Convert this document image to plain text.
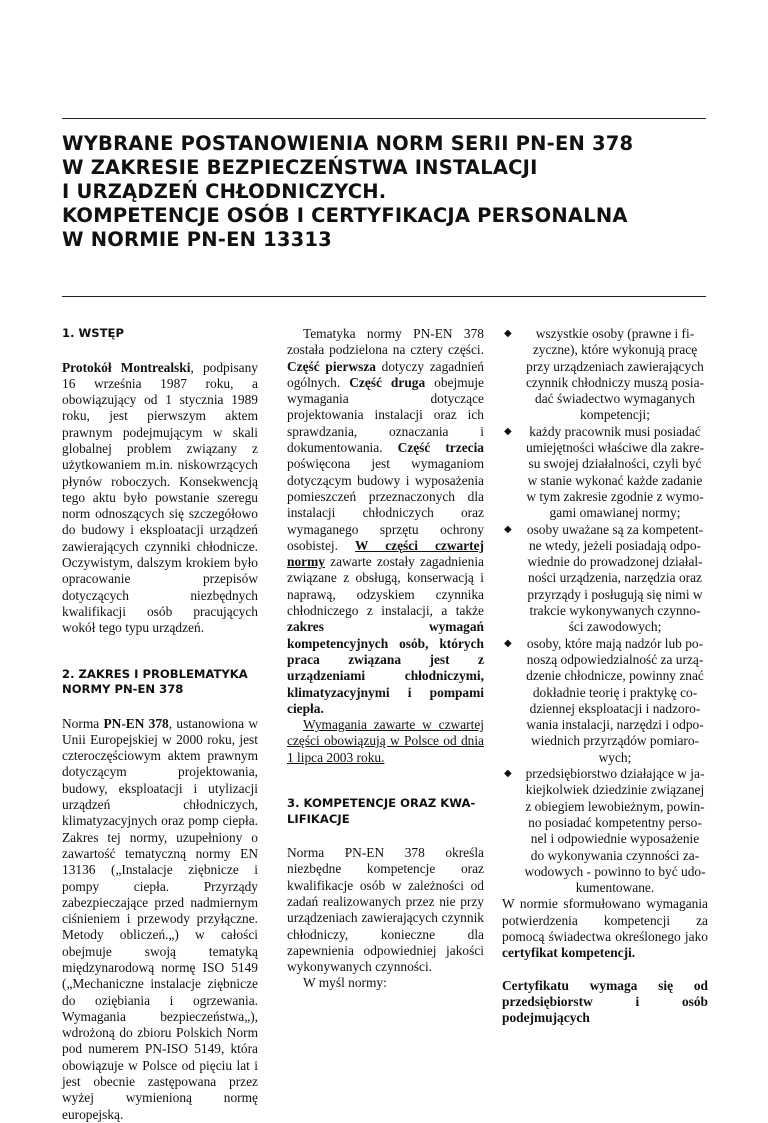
WYBRANE POSTANOWIENIA NORM SERII PN-EN 378
W ZAKRESIE BEZPIECZEŃSTWA INSTALACJI
I URZĄDZEŃ CHŁODNICZYCH.
KOMPETENCJE OSÓB I CERTYFIKACJA PERSONALNA
W NORMIE PN-EN 13313
1. WSTĘP

Protokół Montrealski, podpisany 16 września 1987 roku, a obowiązujący od 1 stycznia 1989 roku, jest pierwszym aktem prawnym podejmującym w skali globalnej problem związany z użytkowaniem m.in. niskowrzących płynów roboczych. Konsekwencją tego aktu było powstanie szeregu norm odnoszących się szczegółowo do budowy i eksploatacji urządzeń zawierających czynniki chłodnicze. Oczywistym, dalszym krokiem było opracowanie przepisów dotyczących niezbędnych kwalifikacji osób pracujących wokół tego typu urządzeń.

2. ZAKRES I PROBLEMATYKA
NORMY PN-EN 378

Norma PN-EN 378, ustanowiona w Unii Europejskiej w 2000 roku, jest czteroczęściowym aktem prawnym dotyczącym projektowania, budowy, eksploatacji i utylizacji urządzeń chłodniczych, klimatyzacyjnych oraz pomp ciepła. Zakres tej normy, uzupełniony o zawartość tematyczną normy EN 13136 („Instalacje ziębnicze i pompy ciepła. Przyrządy zabezpieczające przed nadmiernym ciśnieniem i przewody przyłączne. Metody obliczeń.„) w całości obejmuje swoją tematyką międzynarodową normę ISO 5149 („Mechaniczne instalacje ziębnicze do oziębiania i ogrzewania. Wymagania bezpieczeństwa„), wdrożoną do zbioru Polskich Norm pod numerem PN-ISO 5149, która obowiązuje w Polsce od pięciu lat i jest obecnie zastępowana przez wyżej wymienioną normę europejską.

Tematyka normy PN-EN 378 została podzielona na cztery części. Część pierwsza dotyczy zagadnień ogólnych. Część druga obejmuje wymagania dotyczące projektowania instalacji oraz ich sprawdzania, oznaczania i dokumentowania. Część trzecia poświęcona jest wymaganiom dotyczącym budowy i wyposażenia pomieszczeń przeznaczonych dla instalacji chłodniczych oraz wymaganego sprzętu ochrony osobistej. W części czwartej normy zawarte zostały zagadnienia związane z obsługą, konserwacją i naprawą, odzyskiem czynnika chłodniczego z instalacji, a także zakres wymagań kompetencyjnych osób, których praca związana jest z urządzeniami chłodniczymi, klimatyzacyjnymi i pompami ciepła.

Wymagania zawarte w czwartej części obowiązują w Polsce od dnia 1 lipca 2003 roku.

3. KOMPETENCJE ORAZ KWA-
LIFIKACJE

Norma PN-EN 378 określa niezbędne kompetencje oraz kwalifikacje osób w zależności od zadań realizowanych przez nie przy urządzeniach zawierających czynnik chłodniczy, konieczne dla zapewnienia odpowiedniej jakości wykonywanych czynności.

W myśl normy:

◆ wszystkie osoby (prawne i fi-
zyczne), które wykonują pracę
przy urządzeniach zawierających
czynnik chłodniczy muszą posia-
dać świadectwo wymaganych
kompetencji;
◆ każdy pracownik musi posiadać
umiejętności właściwe dla zakre-
su swojej działalności, czyli być
w stanie wykonać każde zadanie
w tym zakresie zgodnie z wymo-
gami omawianej normy;
◆ osoby uważane są za kompetent-
ne wtedy, jeżeli posiadają odpo-
wiednie do prowadzonej działal-
ności urządzenia, narzędzia oraz
przyrządy i posługują się nimi w
trakcie wykonywanych czynno-
ści zawodowych;
◆ osoby, które mają nadzór lub po-
noszą odpowiedzialność za urzą-
dzenie chłodnicze, powinny znać
dokładnie teorię i praktykę co-
dziennej eksploatacji i nadzoro-
wania instalacji, narzędzi i odpo-
wiednich przyrządów pomiaro-
wych;
◆ przedsiębiorstwo działające w ja-
kiejkolwiek dziedzinie związanej
z obiegiem lewobieżnym, powin-
no posiadać kompetentny perso-
nel i odpowiednie wyposażenie
do wykonywania czynności za-
wodowych - powinno to być udo-
kumentowane.

W normie sformułowano wymagania potwierdzenia kompetencji za pomocą świadectwa określonego jako certyfikat kompetencji.

Certyfikatu wymaga się od przedsiębiorstw i osób podejmujących
